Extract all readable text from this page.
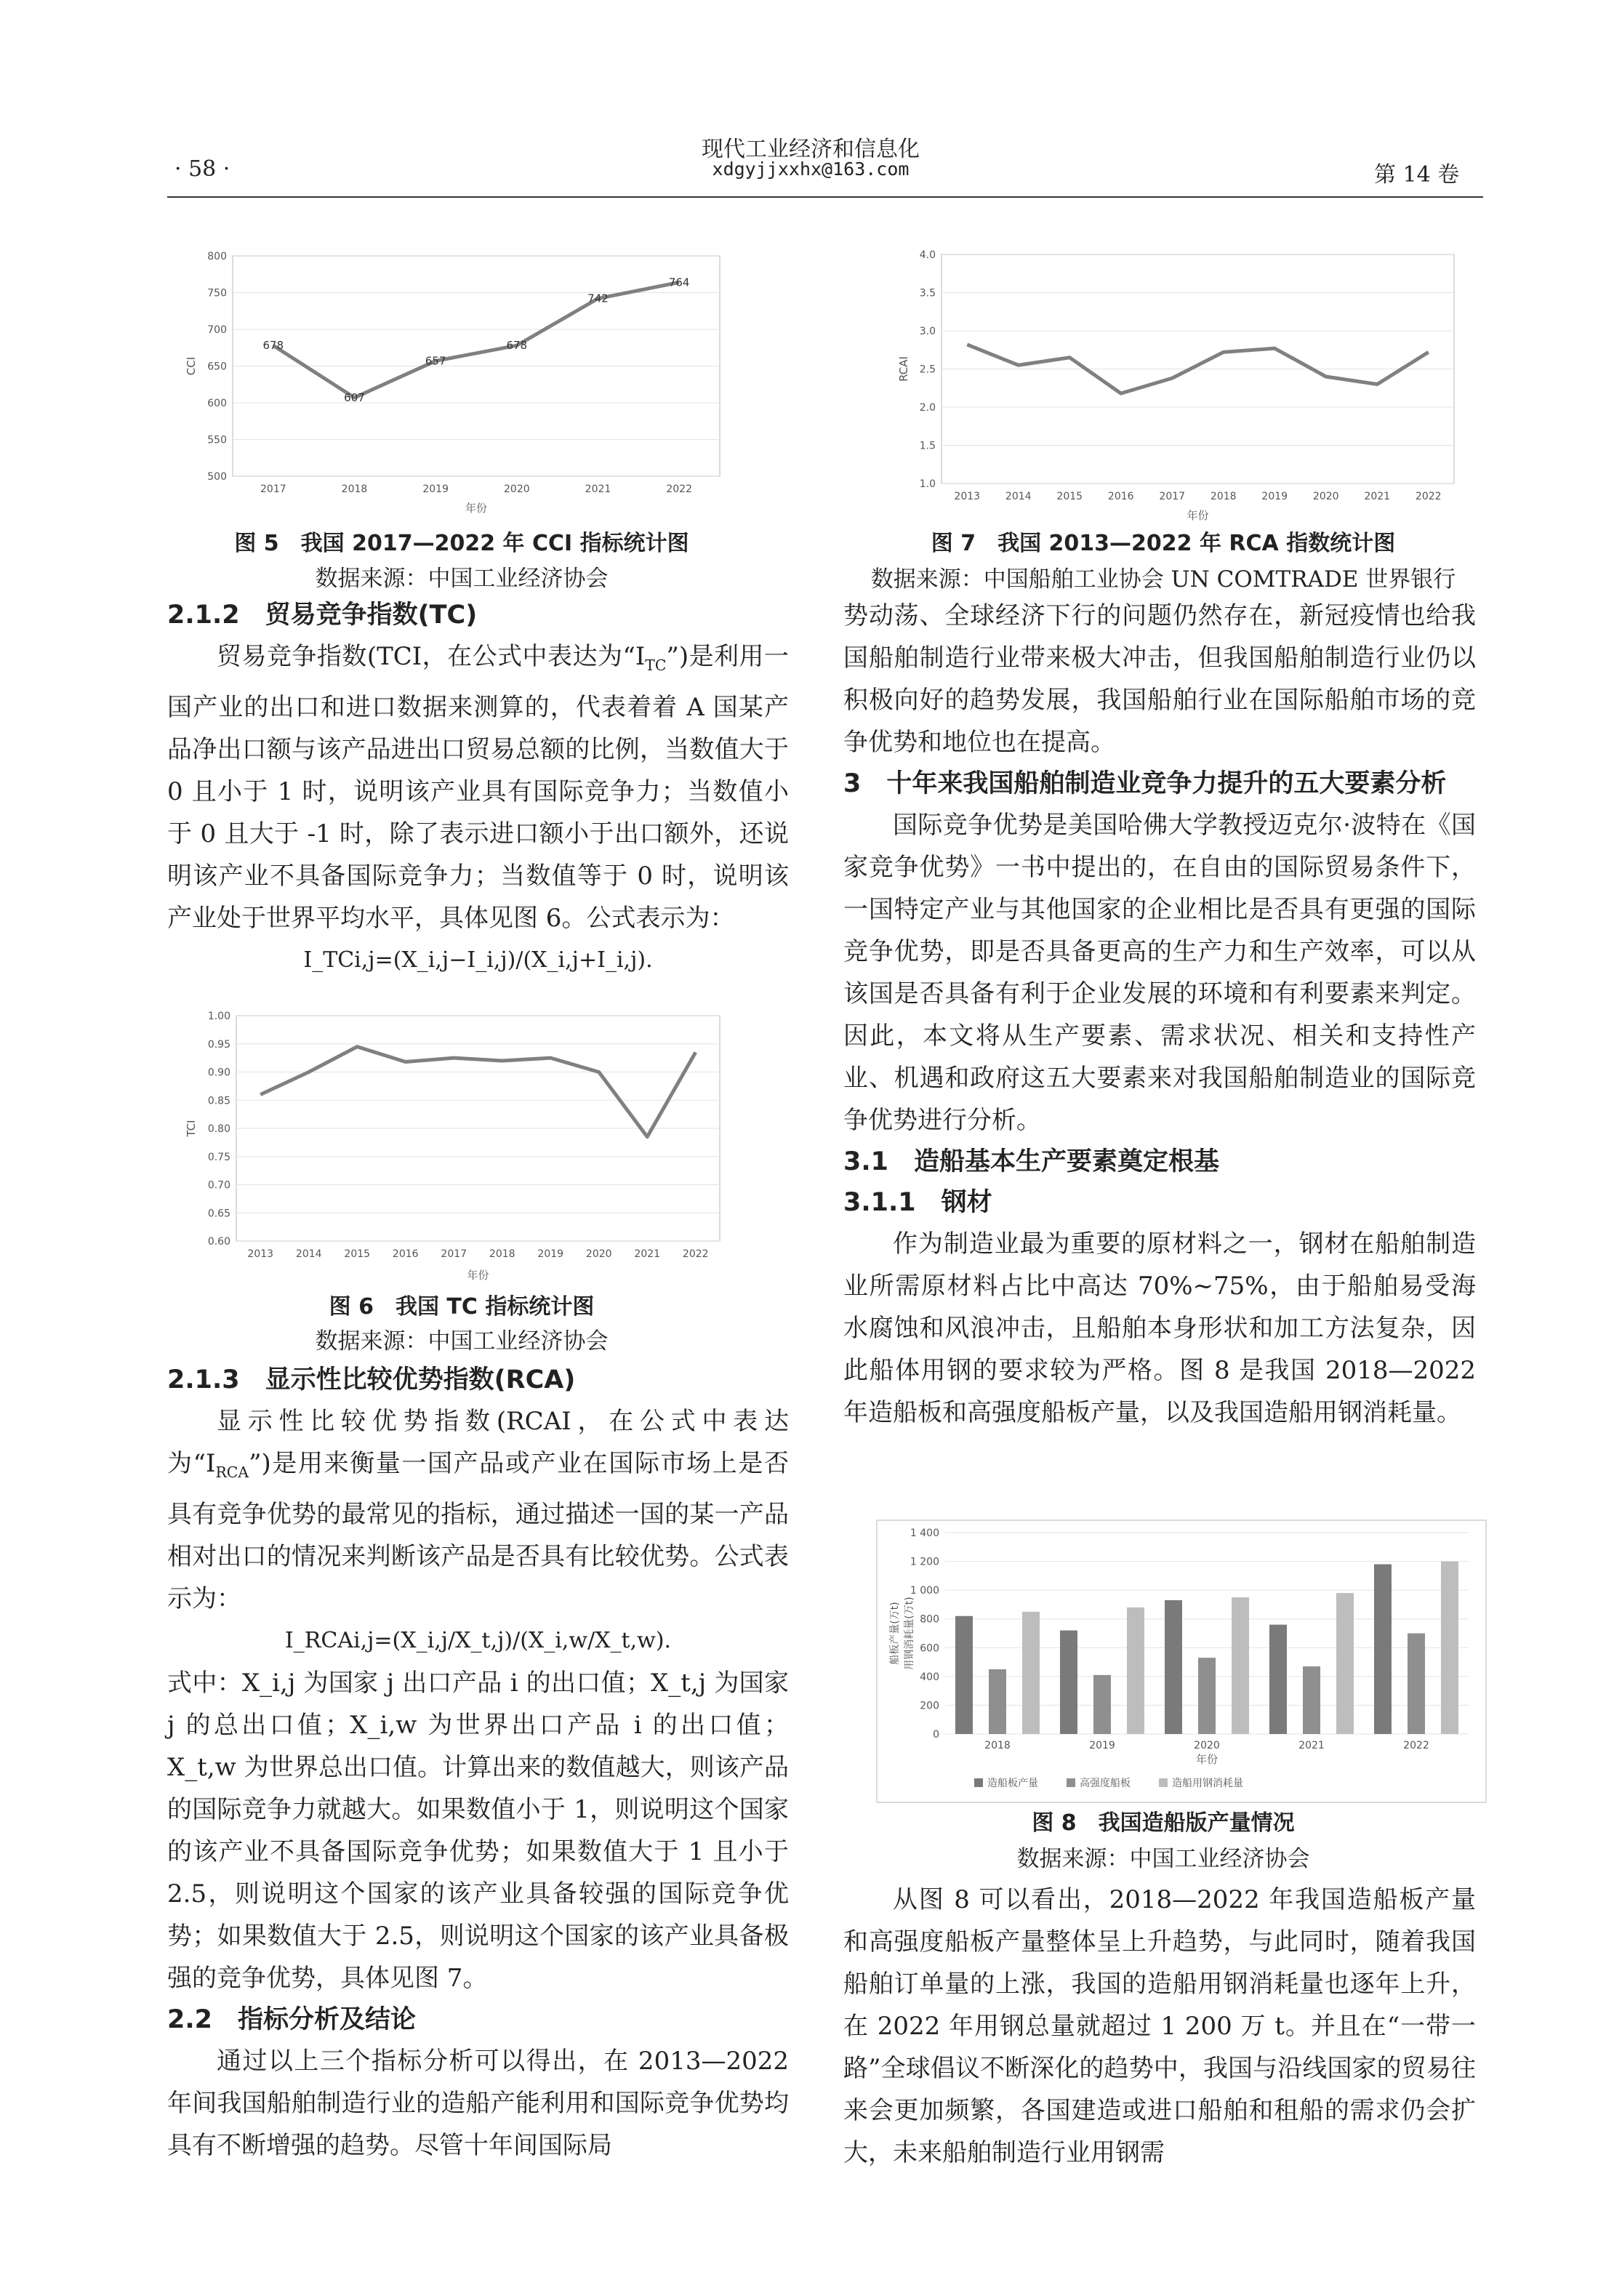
· 58 ·
现代工业经济和信息化
xdgyjjxxhx@163.com	第 14 卷
500
550
600
650
700
750
800
2017	2018	2019	2020	2021	2022
年份
CCI
678
607
657
678
742
764
图 5　我国 2017—2022 年 CCI 指标统计图
数据来源：中国工业经济协会
1.0
1.5
2.0
2.5
3.0
3.5
4.0
2013 2014 2015 2016 2017 2018 2019 2020 2021 2022
年份
RCAI
图 7　我国 2013—2022 年 RCA 指数统计图
数据来源：中国船舶工业协会 UN COMTRADE 世界银行
2.1.2　贸易竞争指数(TC)

贸易竞争指数(TCI，在公式中表达为“$I_{TC}$”)是利用一国产业的出口和进口数据来测算的，代表着着 A 国某产品净出口额与该产品进出口贸易总额的比例，当数值大于 0 且小于 1 时，说明该产业具有国际竞争力；当数值小于 0 且大于 -1 时，除了表示进口额小于出口额外，还说明该产业不具备国际竞争力；当数值等于 0 时，说明该产业处于世界平均水平，具体见图 6。公式表示为：

I_TCi,j=(X_i,j−I_i,j)/(X_i,j+I_i,j).
0.60
0.65
0.70
0.75
0.80
0.85
0.90
0.95
1.00
2013 2014 2015 2016 2017 2018 2019 2020 2021 2022
年份
TCI
图 6　我国 TC 指标统计图
数据来源：中国工业经济协会
2.1.3　显示性比较优势指数(RCA)

显示性比较优势指数(RCAI，在公式中表达为“$I_{RCA}$”)是用来衡量一国产品或产业在国际市场上是否具有竞争优势的最常见的指标，通过描述一国的某一产品相对出口的情况来判断该产品是否具有比较优势。公式表示为：

I_RCAi,j=(X_i,j/X_t,j)/(X_i,w/X_t,w).

式中：X_i,j 为国家 j 出口产品 i 的出口值；X_t,j 为国家 j 的总出口值；X_i,w 为世界出口产品 i 的出口值；X_t,w 为世界总出口值。计算出来的数值越大，则该产品的国际竞争力就越大。如果数值小于 1，则说明这个国家的该产业不具备国际竞争优势；如果数值大于 1 且小于 2.5，则说明这个国家的该产业具备较强的国际竞争优势；如果数值大于 2.5，则说明这个国家的该产业具备极强的竞争优势，具体见图 7。

2.2　指标分析及结论

通过以上三个指标分析可以得出，在 2013—2022 年间我国船舶制造行业的造船产能利用和国际竞争优势均具有不断增强的趋势。尽管十年间国际局

势动荡、全球经济下行的问题仍然存在，新冠疫情也给我国船舶制造行业带来极大冲击，但我国船舶制造行业仍以积极向好的趋势发展，我国船舶行业在国际船舶市场的竞争优势和地位也在提高。

3　十年来我国船舶制造业竞争力提升的五大要素分析

国际竞争优势是美国哈佛大学教授迈克尔·波特在《国家竞争优势》一书中提出的，在自由的国际贸易条件下，一国特定产业与其他国家的企业相比是否具有更强的国际竞争优势，即是否具备更高的生产力和生产效率，可以从该国是否具备有利于企业发展的环境和有利要素来判定。因此，本文将从生产要素、需求状况、相关和支持性产业、机遇和政府这五大要素来对我国船舶制造业的国际竞争优势进行分析。

3.1　造船基本生产要素奠定根基
3.1.1　钢材

作为制造业最为重要的原材料之一，钢材在船舶制造业所需原材料占比中高达 70%~75%，由于船舶易受海水腐蚀和风浪冲击，且船舶本身形状和加工方法复杂，因此船体用钢的要求较为严格。图 8 是我国 2018—2022 年造船板和高强度船板产量，以及我国造船用钢消耗量。

0
200
400
600
800
1 000
1 200
1 400
2018	2019	2020	2021	2022
年份
船板产量(万t) 用钢消耗量(万t)
造船板产量	高强度船板	造船用钢消耗量
图 8　我国造船版产量情况
数据来源：中国工业经济协会

从图 8 可以看出，2018—2022 年我国造船板产量和高强度船板产量整体呈上升趋势，与此同时，随着我国船舶订单量的上涨，我国的造船用钢消耗量也逐年上升，在 2022 年用钢总量就超过 1 200 万 t。并且在“一带一路”全球倡议不断深化的趋势中，我国与沿线国家的贸易往来会更加频繁，各国建造或进口船舶和租船的需求仍会扩大，未来船舶制造行业用钢需
